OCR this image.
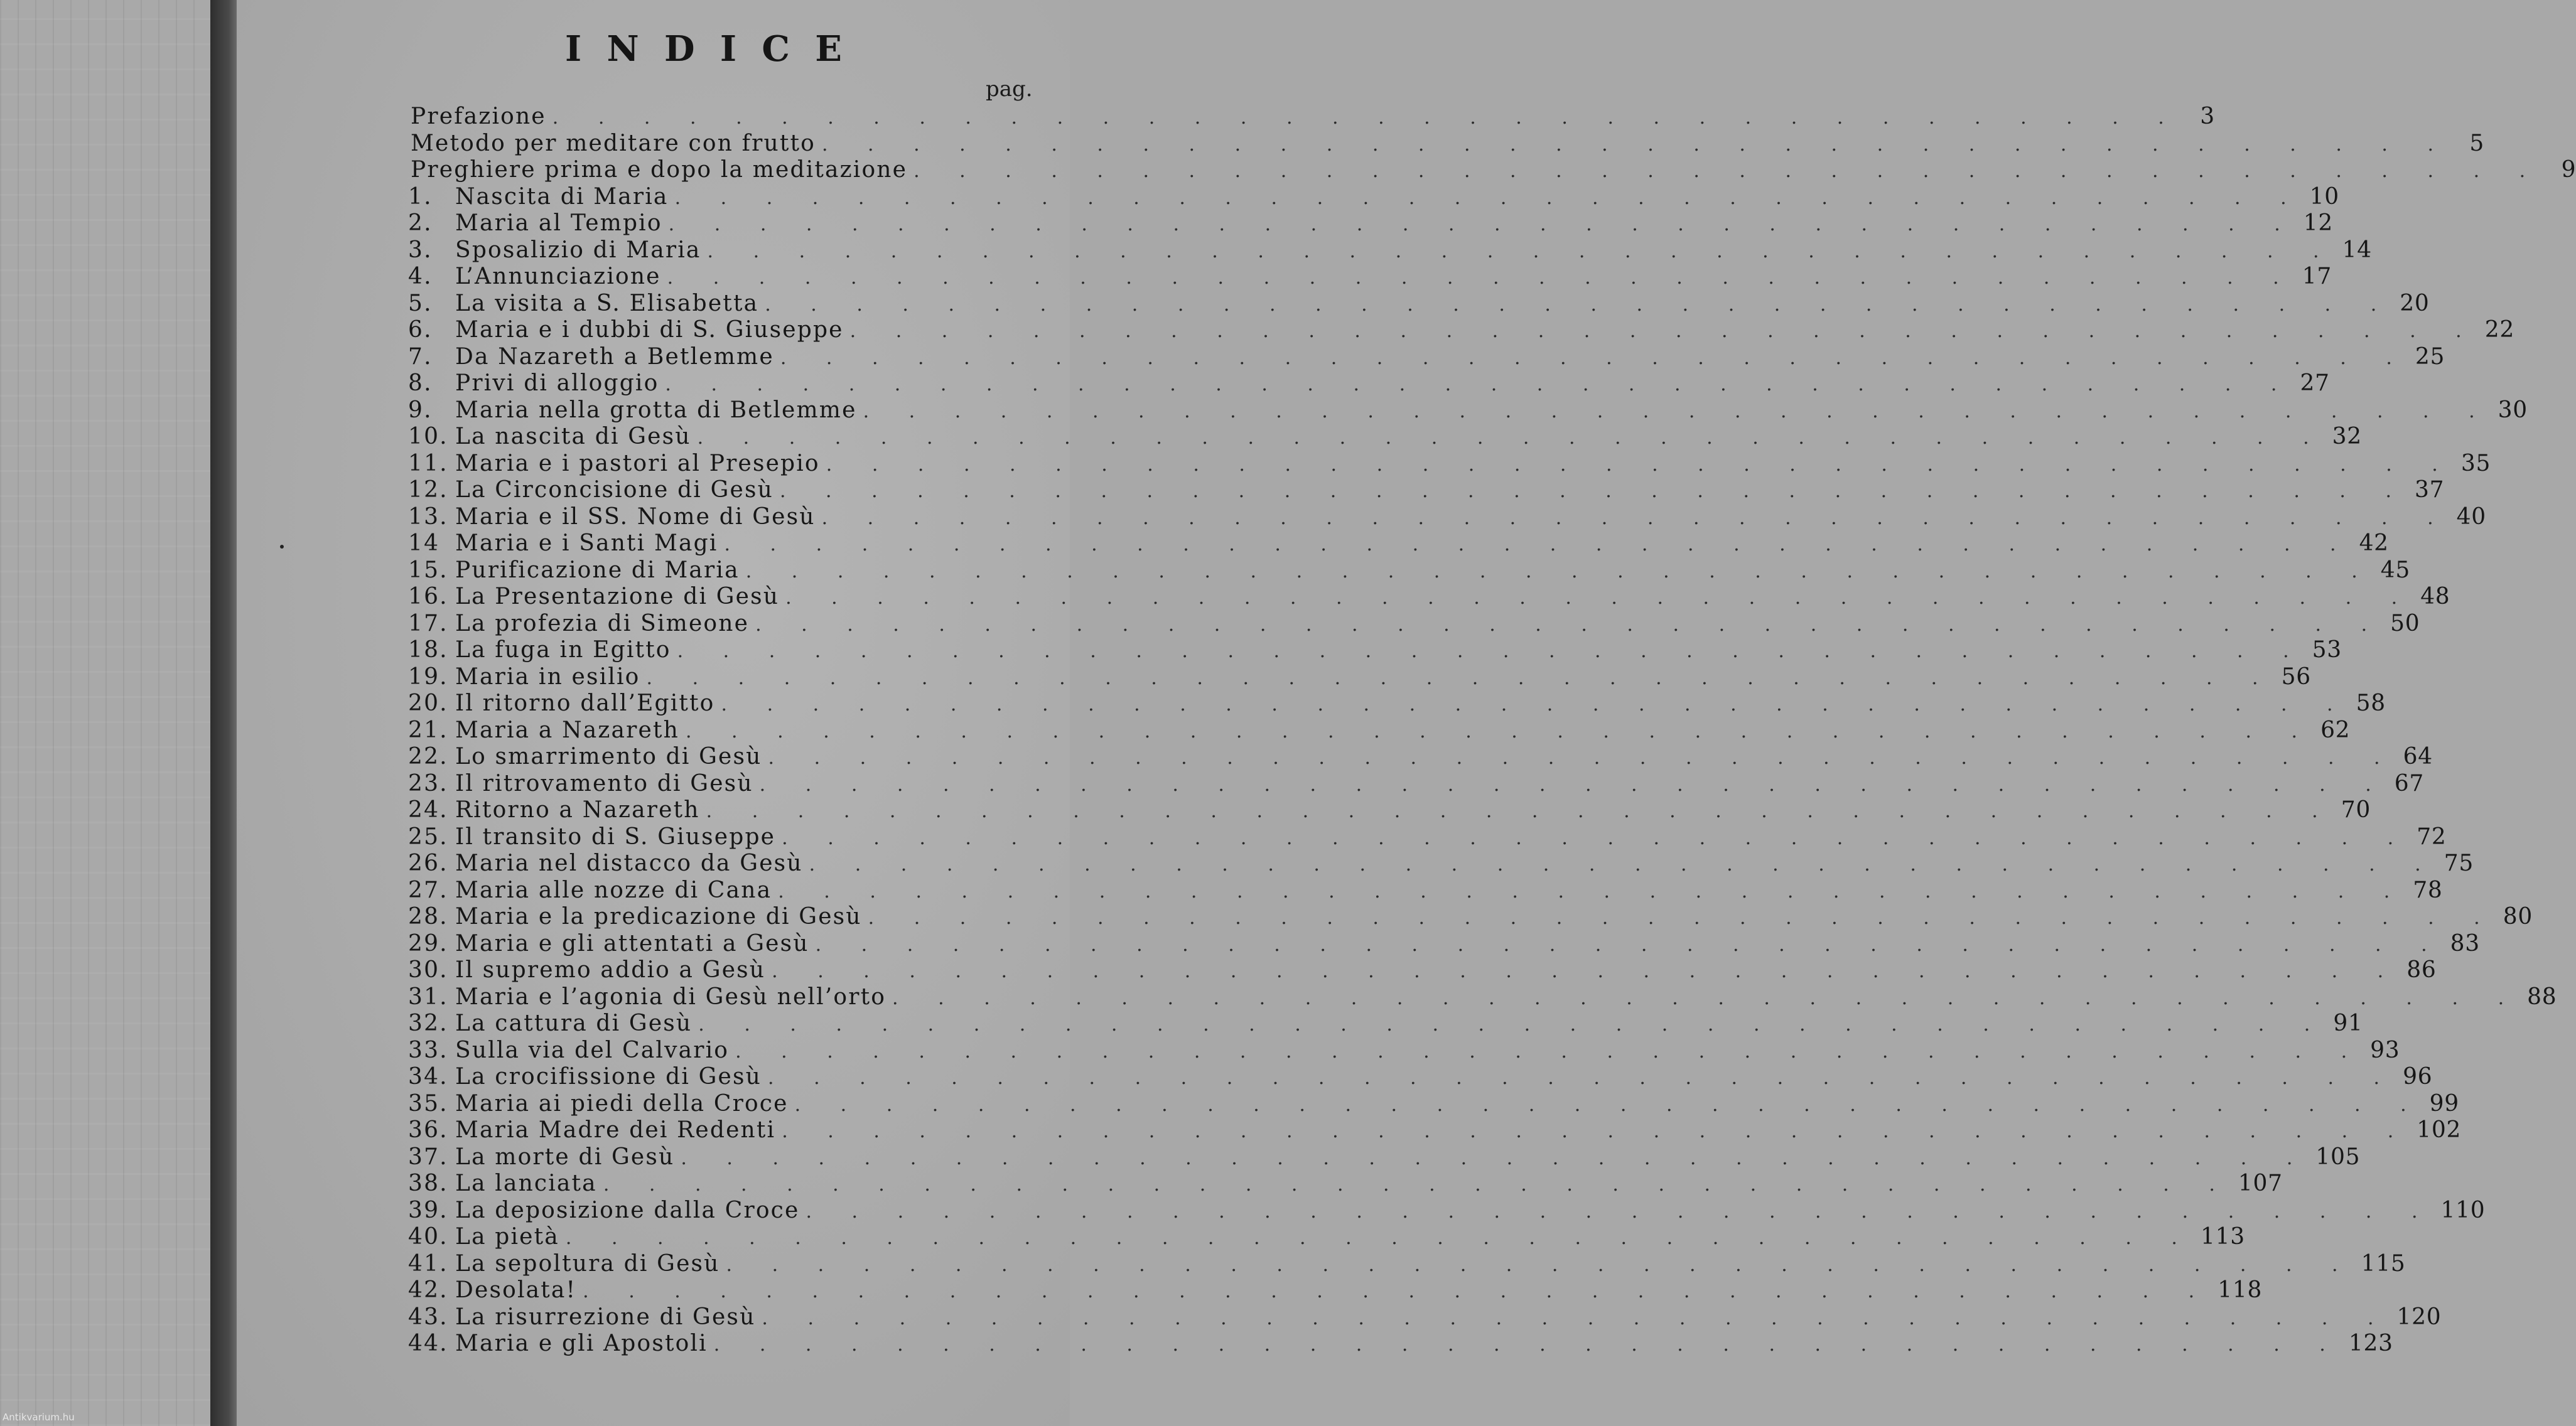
INDICE
pag.
Prefazione . . .	3
Metodo per meditare con frutto . . .	5
Preghiere prima e dopo la meditazione . . .	9
1.	Nascita di Maria . . .	10
2.	Maria al Tempio . . .	12
3.	Sposalizio di Maria . . .	14
4.	L’Annunciazione . . .	17
5.	La visita a S. Elisabetta . . .	20
6.	Maria e i dubbi di S. Giuseppe . . .	22
7.	Da Nazareth a Betlemme . . .	25
8.	Privi di alloggio . . .	27
9.	Maria nella grotta di Betlemme . . .	30
10. La nascita di Gesù . . .	32
11. Maria e i pastori al Presepio . . .	35
12. La Circoncisione di Gesù . . .	37
13. Maria e il SS. Nome di Gesù . . .	40
14 Maria e i Santi Magi . . .	42
15. Purificazione di Maria . . .	45
16. La Presentazione di Gesù . . .	48
17. La profezia di Simeone . . .	50
18. La fuga in Egitto . . .	53
19. Maria in esilio . . .	56
20. Il ritorno dall’Egitto . . .	58
21. Maria a Nazareth . . .	62
22. Lo smarrimento di Gesù . . .	64
23. Il ritrovamento di Gesù . . .	67
24. Ritorno a Nazareth . . .	70
25. Il transito di S. Giuseppe . . .	72
26. Maria nel distacco da Gesù . . .	75
27. Maria alle nozze di Cana . . .	78
28. Maria e la predicazione di Gesù . . .	80
29. Maria e gli attentati a Gesù . . .	83
30. Il supremo addio a Gesù . . .	86
31. Maria e l’agonia di Gesù nell’orto . . .	88
32. La cattura di Gesù . . .	91
33. Sulla via del Calvario . . .	93
34. La crocifissione di Gesù . . .	96
35. Maria ai piedi della Croce . . .	99
36. Maria Madre dei Redenti . . .	102
37. La morte di Gesù . . .	105
38. La lanciata . . .	107
39. La deposizione dalla Croce . . .	110
40. La pietà . . .	113
41. La sepoltura di Gesù . . .	115
42. Desolata! . . .	118
43. La risurrezione di Gesù . . .	120
44. Maria e gli Apostoli . . .	123
Antikvarium.hu
